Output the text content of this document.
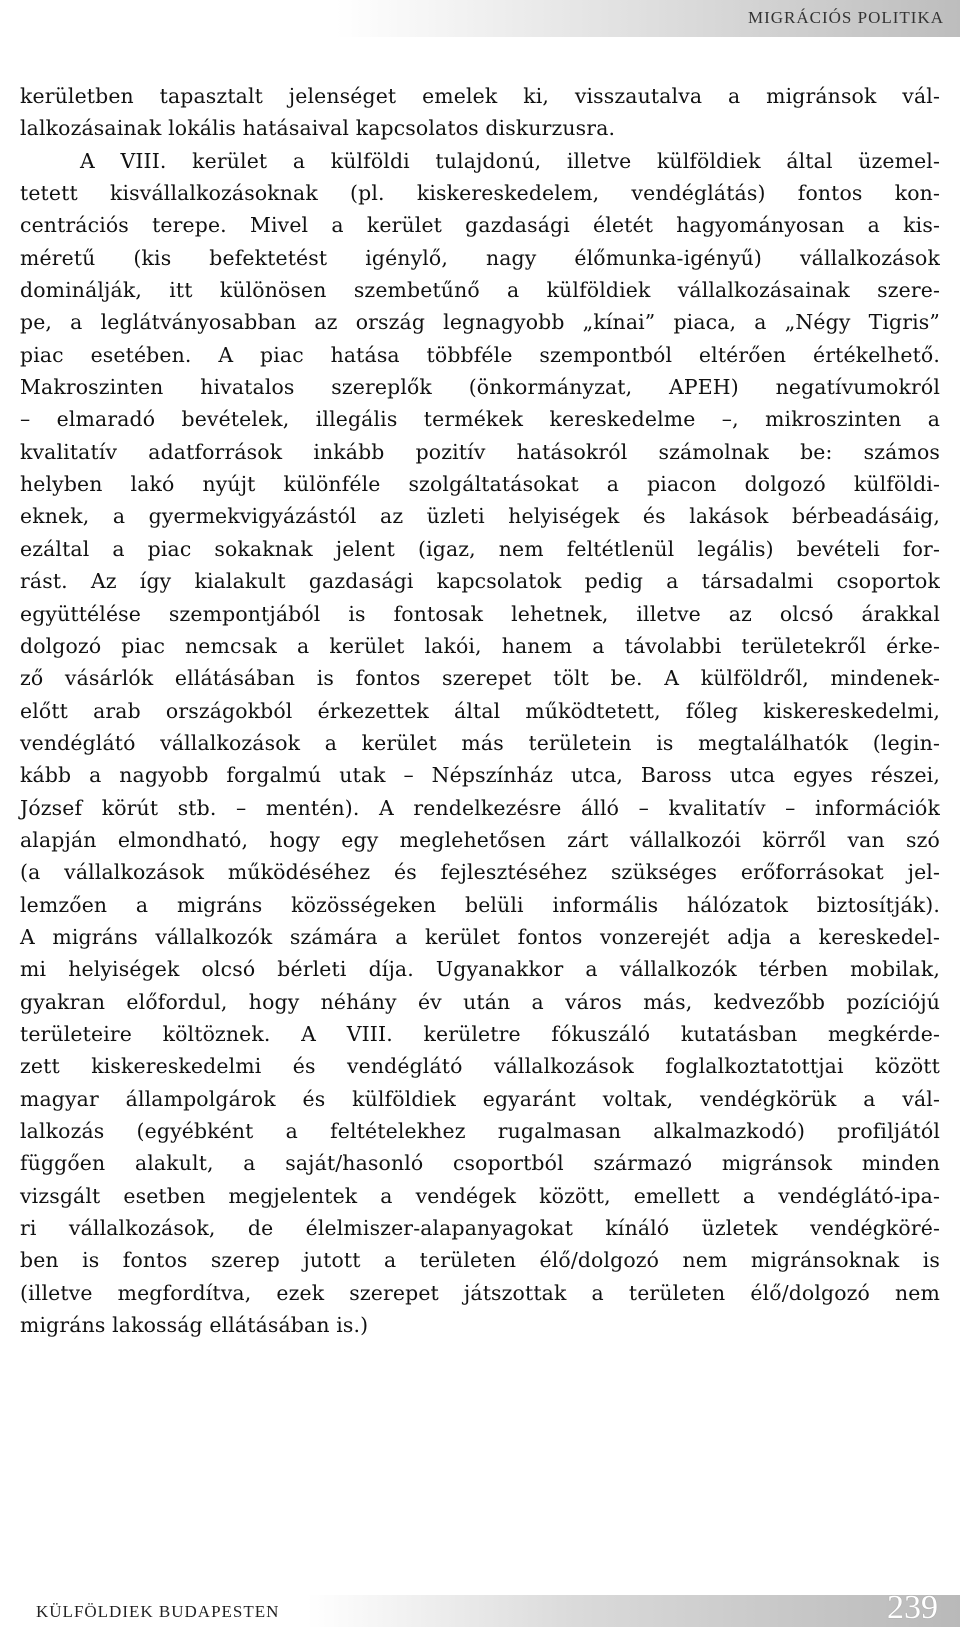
MIGRÁCIÓS POLITIKA
kerületben tapasztalt jelenséget emelek ki, visszautalva a migránsok vál-
lalkozásainak lokális hatásaival kapcsolatos diskurzusra.
A VIII. kerület a külföldi tulajdonú, illetve külföldiek által üzemel-
tetett kisvállalkozásoknak (pl. kiskereskedelem, vendéglátás) fontos kon-
centrációs terepe. Mivel a kerület gazdasági életét hagyományosan a kis-
méretű (kis befektetést igénylő, nagy élőmunka-igényű) vállalkozások
dominálják, itt különösen szembetűnő a külföldiek vállalkozásainak szere-
pe, a leglátványosabban az ország legnagyobb „kínai” piaca, a „Négy Tigris”
piac esetében. A piac hatása többféle szempontból eltérően értékelhető.
Makroszinten hivatalos szereplők (önkormányzat, APEH) negatívumokról
– elmaradó bevételek, illegális termékek kereskedelme –, mikroszinten a
kvalitatív adatforrások inkább pozitív hatásokról számolnak be: számos
helyben lakó nyújt különféle szolgáltatásokat a piacon dolgozó külföldi-
eknek, a gyermekvigyázástól az üzleti helyiségek és lakások bérbeadásáig,
ezáltal a piac sokaknak jelent (igaz, nem feltétlenül legális) bevételi for-
rást. Az így kialakult gazdasági kapcsolatok pedig a társadalmi csoportok
együttélése szempontjából is fontosak lehetnek, illetve az olcsó árakkal
dolgozó piac nemcsak a kerület lakói, hanem a távolabbi területekről érke-
ző vásárlók ellátásában is fontos szerepet tölt be. A külföldről, mindenek-
előtt arab országokból érkezettek által működtetett, főleg kiskereskedelmi,
vendéglátó vállalkozások a kerület más területein is megtalálhatók (legin-
kább a nagyobb forgalmú utak – Népszínház utca, Baross utca egyes részei,
József körút stb. – mentén). A rendelkezésre álló – kvalitatív – információk
alapján elmondható, hogy egy meglehetősen zárt vállalkozói körről van szó
(a vállalkozások működéséhez és fejlesztéséhez szükséges erőforrásokat jel-
lemzően a migráns közösségeken belüli informális hálózatok biztosítják).
A migráns vállalkozók számára a kerület fontos vonzerejét adja a kereskedel-
mi helyiségek olcsó bérleti díja. Ugyanakkor a vállalkozók térben mobilak,
gyakran előfordul, hogy néhány év után a város más, kedvezőbb pozíciójú
területeire költöznek. A VIII. kerületre fókuszáló kutatásban megkérde-
zett kiskereskedelmi és vendéglátó vállalkozások foglalkoztatottjai között
magyar állampolgárok és külföldiek egyaránt voltak, vendégkörük a vál-
lalkozás (egyébként a feltételekhez rugalmasan alkalmazkodó) profiljától
függően alakult, a saját/hasonló csoportból származó migránsok minden
vizsgált esetben megjelentek a vendégek között, emellett a vendéglátó-ipa-
ri vállalkozások, de élelmiszer-alapanyagokat kínáló üzletek vendégköré-
ben is fontos szerep jutott a területen élő/dolgozó nem migránsoknak is
(illetve megfordítva, ezek szerepet játszottak a területen élő/dolgozó nem
migráns lakosság ellátásában is.)
KÜLFÖLDIEK BUDAPESTEN	239
